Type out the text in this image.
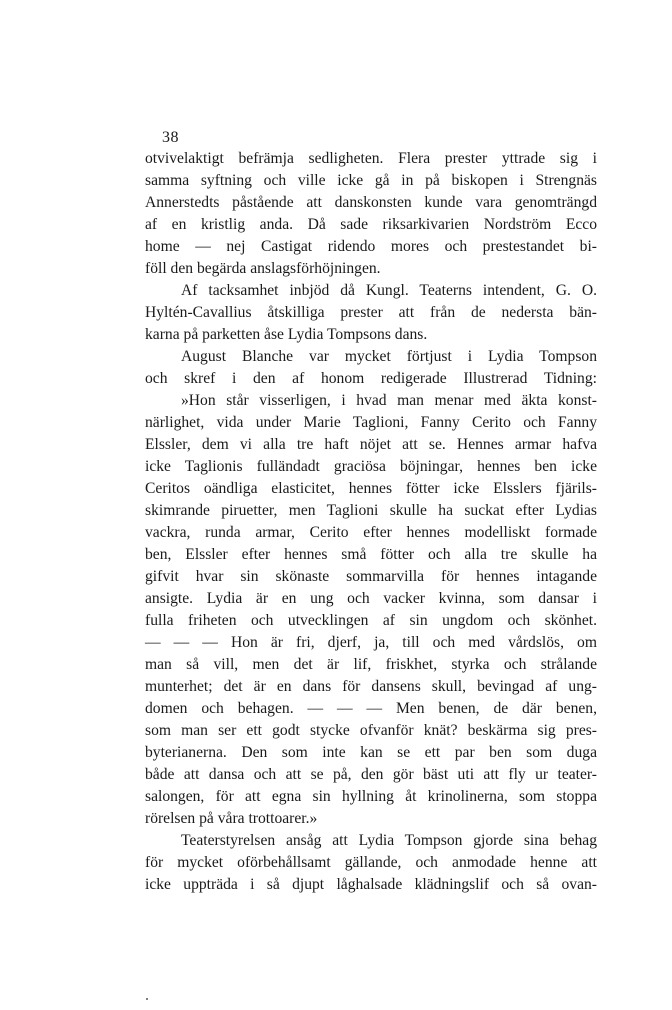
38
otvivelaktigt befrämja sedligheten. Flera prester yttrade sig i
samma syftning och ville icke gå in på biskopen i Strengnäs
Annerstedts påstående att danskonsten kunde vara genomträngd
af en kristlig anda. Då sade riksarkivarien Nordström Ecco
home — nej Castigat ridendo mores och prestestandet bi-
föll den begärda anslagsförhöjningen.
Af tacksamhet inbjöd då Kungl. Teaterns intendent, G. O.
Hyltén-Cavallius åtskilliga prester att från de nedersta bän-
karna på parketten åse Lydia Tompsons dans.
August Blanche var mycket förtjust i Lydia Tompson
och skref i den af honom redigerade Illustrerad Tidning:
»Hon står visserligen, i hvad man menar med äkta konst-
närlighet, vida under Marie Taglioni, Fanny Cerito och Fanny
Elssler, dem vi alla tre haft nöjet att se. Hennes armar hafva
icke Taglionis fulländadt graciösa böjningar, hennes ben icke
Ceritos oändliga elasticitet, hennes fötter icke Elsslers fjärils-
skimrande piruetter, men Taglioni skulle ha suckat efter Lydias
vackra, runda armar, Cerito efter hennes modelliskt formade
ben, Elssler efter hennes små fötter och alla tre skulle ha
gifvit hvar sin skönaste sommarvilla för hennes intagande
ansigte. Lydia är en ung och vacker kvinna, som dansar i
fulla friheten och utvecklingen af sin ungdom och skönhet.
— — — Hon är fri, djerf, ja, till och med vårdslös, om
man så vill, men det är lif, friskhet, styrka och strålande
munterhet; det är en dans för dansens skull, bevingad af ung-
domen och behagen. — — — Men benen, de där benen,
som man ser ett godt stycke ofvanför knät? beskärma sig pres-
byterianerna. Den som inte kan se ett par ben som duga
både att dansa och att se på, den gör bäst uti att fly ur teater-
salongen, för att egna sin hyllning åt krinolinerna, som stoppa
rörelsen på våra trottoarer.»
Teaterstyrelsen ansåg att Lydia Tompson gjorde sina behag
för mycket oförbehållsamt gällande, och anmodade henne att
icke uppträda i så djupt låghalsade klädningslif och så ovan-
